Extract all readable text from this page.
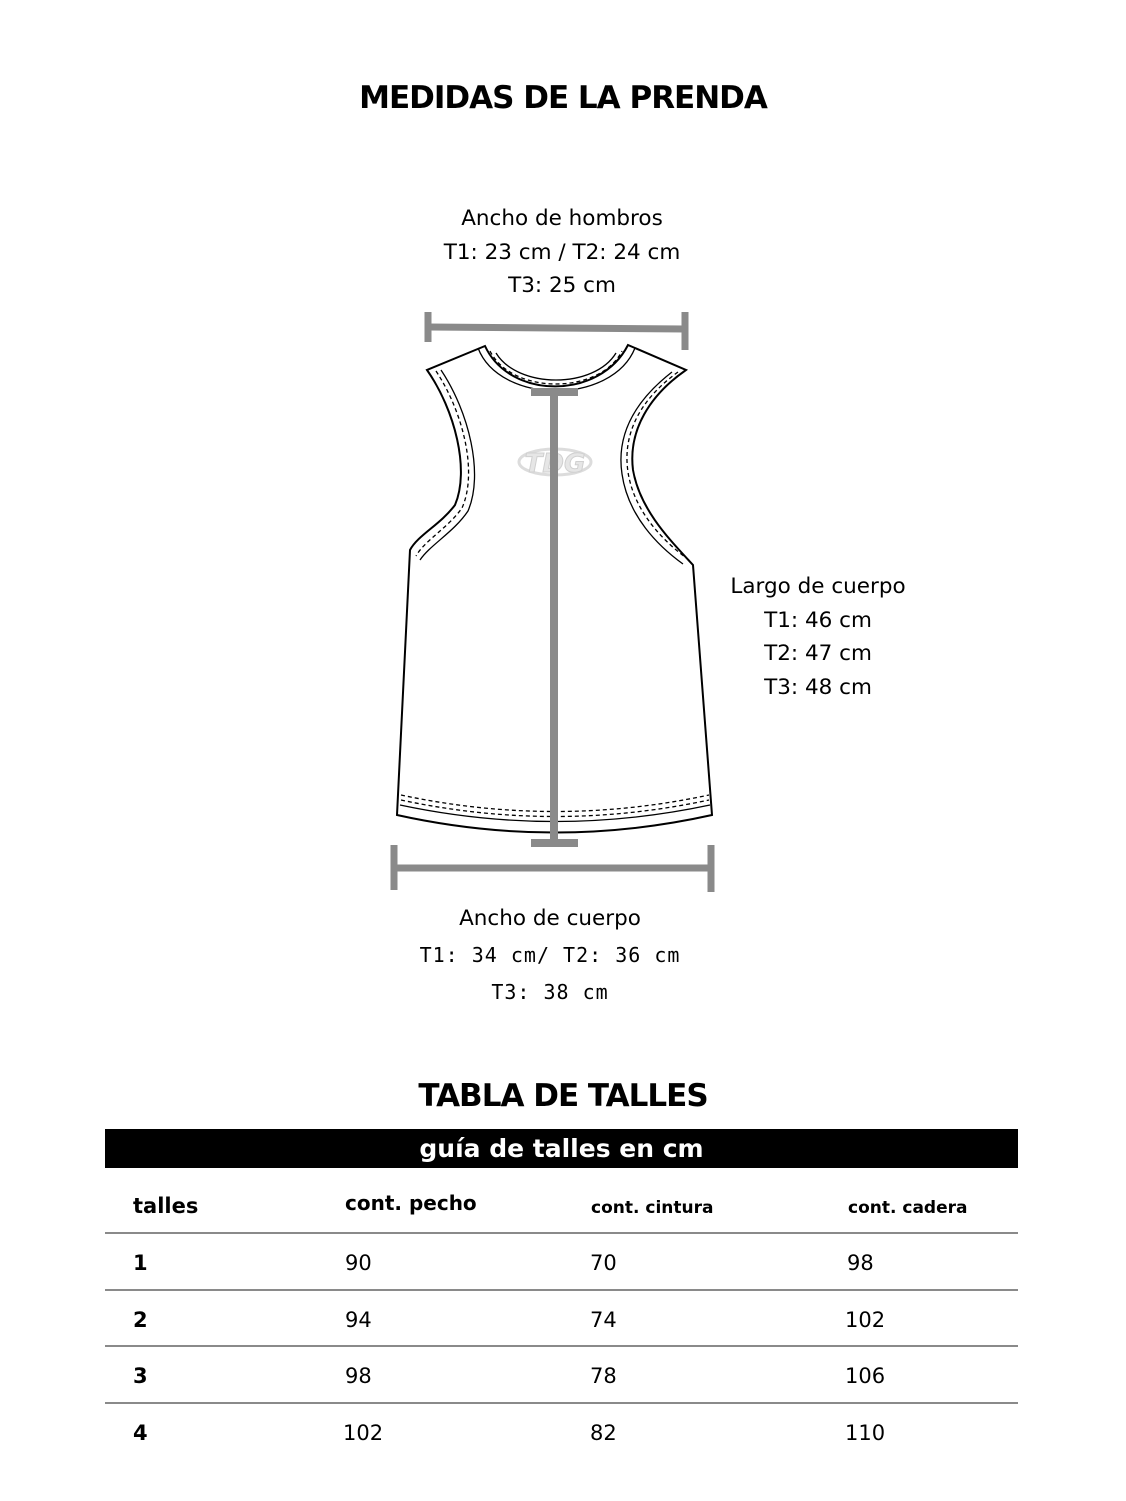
MEDIDAS DE LA PRENDA
Ancho de hombros
T1: 23 cm / T2: 24 cm
T3: 25 cm
TDG
Largo de cuerpo
T1: 46 cm
T2: 47 cm
T3: 48 cm
Ancho de cuerpo
T1: 34 cm/ T2: 36 cm
T3: 38 cm
TABLA DE TALLES
guía de talles en cm
talles	cont. pecho	cont. cintura	cont. cadera
1	90	70	98
2	94	74	102
3	98	78	106
4	102	82	110
